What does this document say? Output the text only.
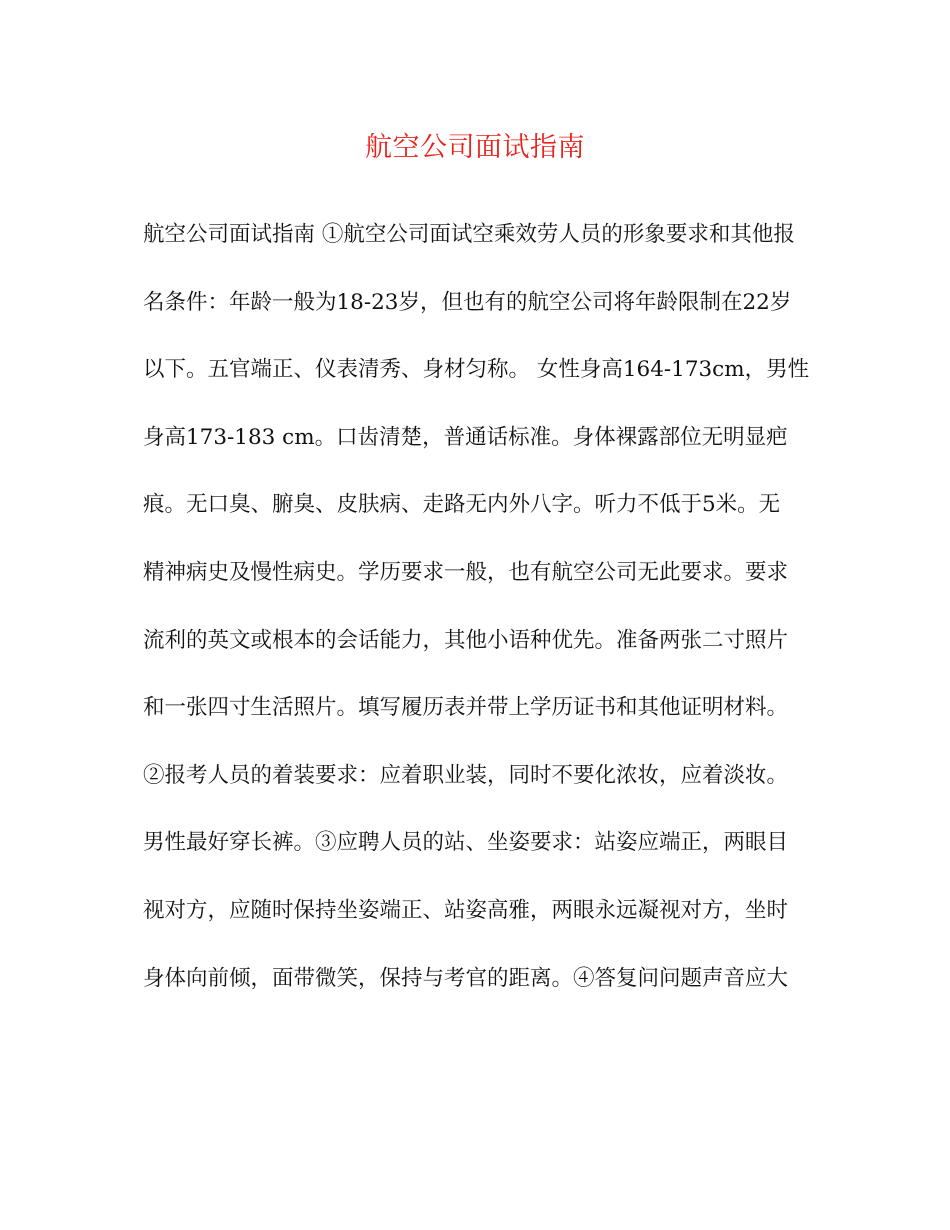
航空公司面试指南
航空公司面试指南 ①航空公司面试空乘效劳人员的形象要求和其他报
名条件：年龄一般为18-23岁，但也有的航空公司将年龄限制在22岁
以下。五官端正、仪表清秀、身材匀称。 女性身高164-173cm，男性
身高173-183 cm。口齿清楚，普通话标准。身体裸露部位无明显疤
痕。无口臭、腑臭、皮肤病、走路无内外八字。听力不低于5米。无
精神病史及慢性病史。学历要求一般，也有航空公司无此要求。要求
流利的英文或根本的会话能力，其他小语种优先。准备两张二寸照片
和一张四寸生活照片。填写履历表并带上学历证书和其他证明材料。
②报考人员的着装要求：应着职业装，同时不要化浓妆，应着淡妆。
男性最好穿长裤。③应聘人员的站、坐姿要求：站姿应端正，两眼目
视对方，应随时保持坐姿端正、站姿高雅，两眼永远凝视对方，坐时
身体向前倾，面带微笑，保持与考官的距离。④答复问问题声音应大
